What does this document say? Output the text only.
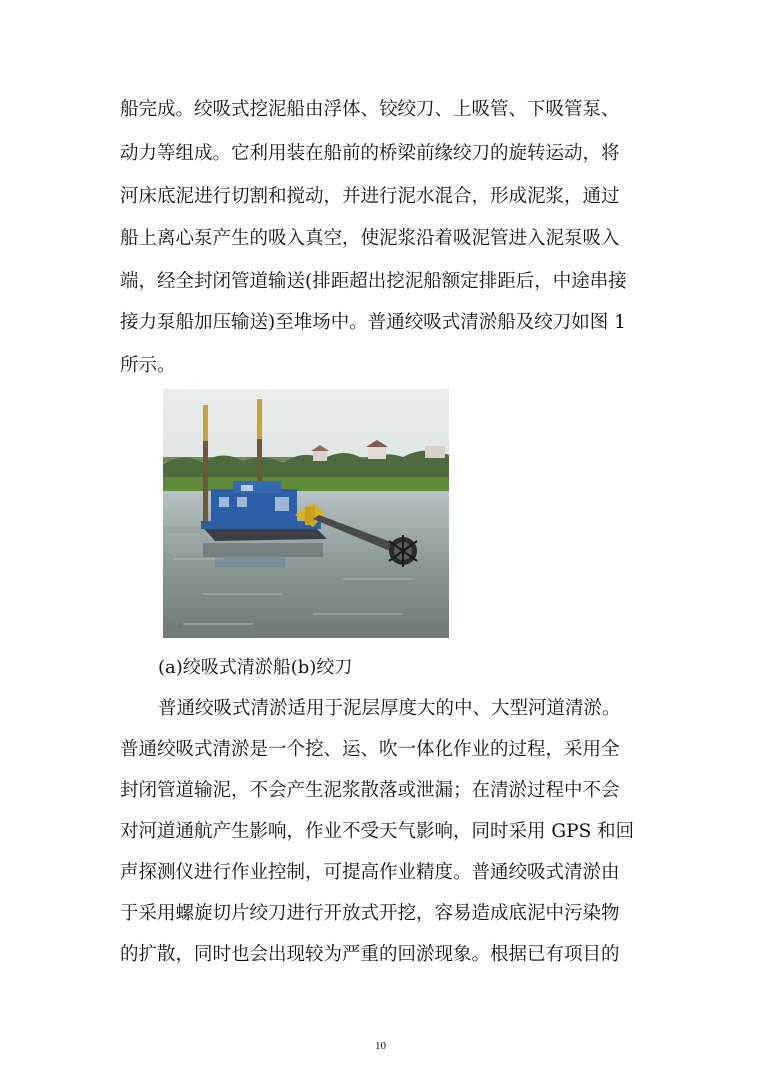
船完成。绞吸式挖泥船由浮体、铰绞刀、上吸管、下吸管泵、
动力等组成。它利用装在船前的桥梁前缘绞刀的旋转运动，将
河床底泥进行切割和搅动，并进行泥水混合，形成泥浆，通过
船上离心泵产生的吸入真空，使泥浆沿着吸泥管进入泥泵吸入
端，经全封闭管道输送(排距超出挖泥船额定排距后，中途串接
接力泵船加压输送)至堆场中。普通绞吸式清淤船及绞刀如图 1
所示。
(a)绞吸式清淤船(b)绞刀
普通绞吸式清淤适用于泥层厚度大的中、大型河道清淤。
普通绞吸式清淤是一个挖、运、吹一体化作业的过程，采用全
封闭管道输泥，不会产生泥浆散落或泄漏；在清淤过程中不会
对河道通航产生影响，作业不受天气影响，同时采用 GPS 和回
声探测仪进行作业控制，可提高作业精度。普通绞吸式清淤由
于采用螺旋切片绞刀进行开放式开挖，容易造成底泥中污染物
的扩散，同时也会出现较为严重的回淤现象。根据已有项目的
10
